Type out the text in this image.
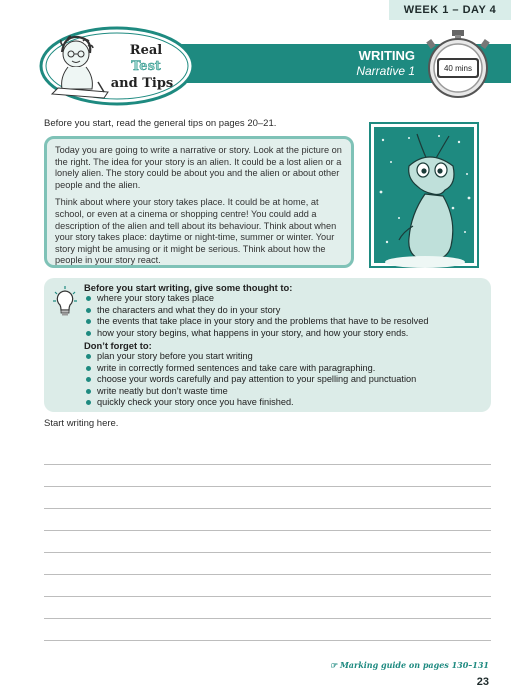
WEEK 1 – DAY 4
WRITING
Narrative 1
Real
Test
and Tips
40 mins
Before you start, read the general tips on pages 20–21.

Today you are going to write a narrative or story. Look at the picture on the right. The idea for your story is an alien. It could be a lost alien or a lonely alien. The story could be about you and the alien or about other people and the alien.

Think about where your story takes place. It could be at home, at school, or even at a cinema or shopping centre! You could add a description of the alien and tell about its behaviour. Think about when your story takes place: daytime or night-time, summer or winter. Your story might be amusing or it might be serious. Think about how the people in your story react.

Before you start writing, give some thought to:
where your story takes place
the characters and what they do in your story
the events that take place in your story and the problems that have to be resolved
how your story begins, what happens in your story, and how your story ends.
Don’t forget to:
plan your story before you start writing
write in correctly formed sentences and take care with paragraphing.
choose your words carefully and pay attention to your spelling and punctuation
write neatly but don’t waste time
quickly check your story once you have finished.
Start writing here.
☞ Marking guide on pages 130–131
23
